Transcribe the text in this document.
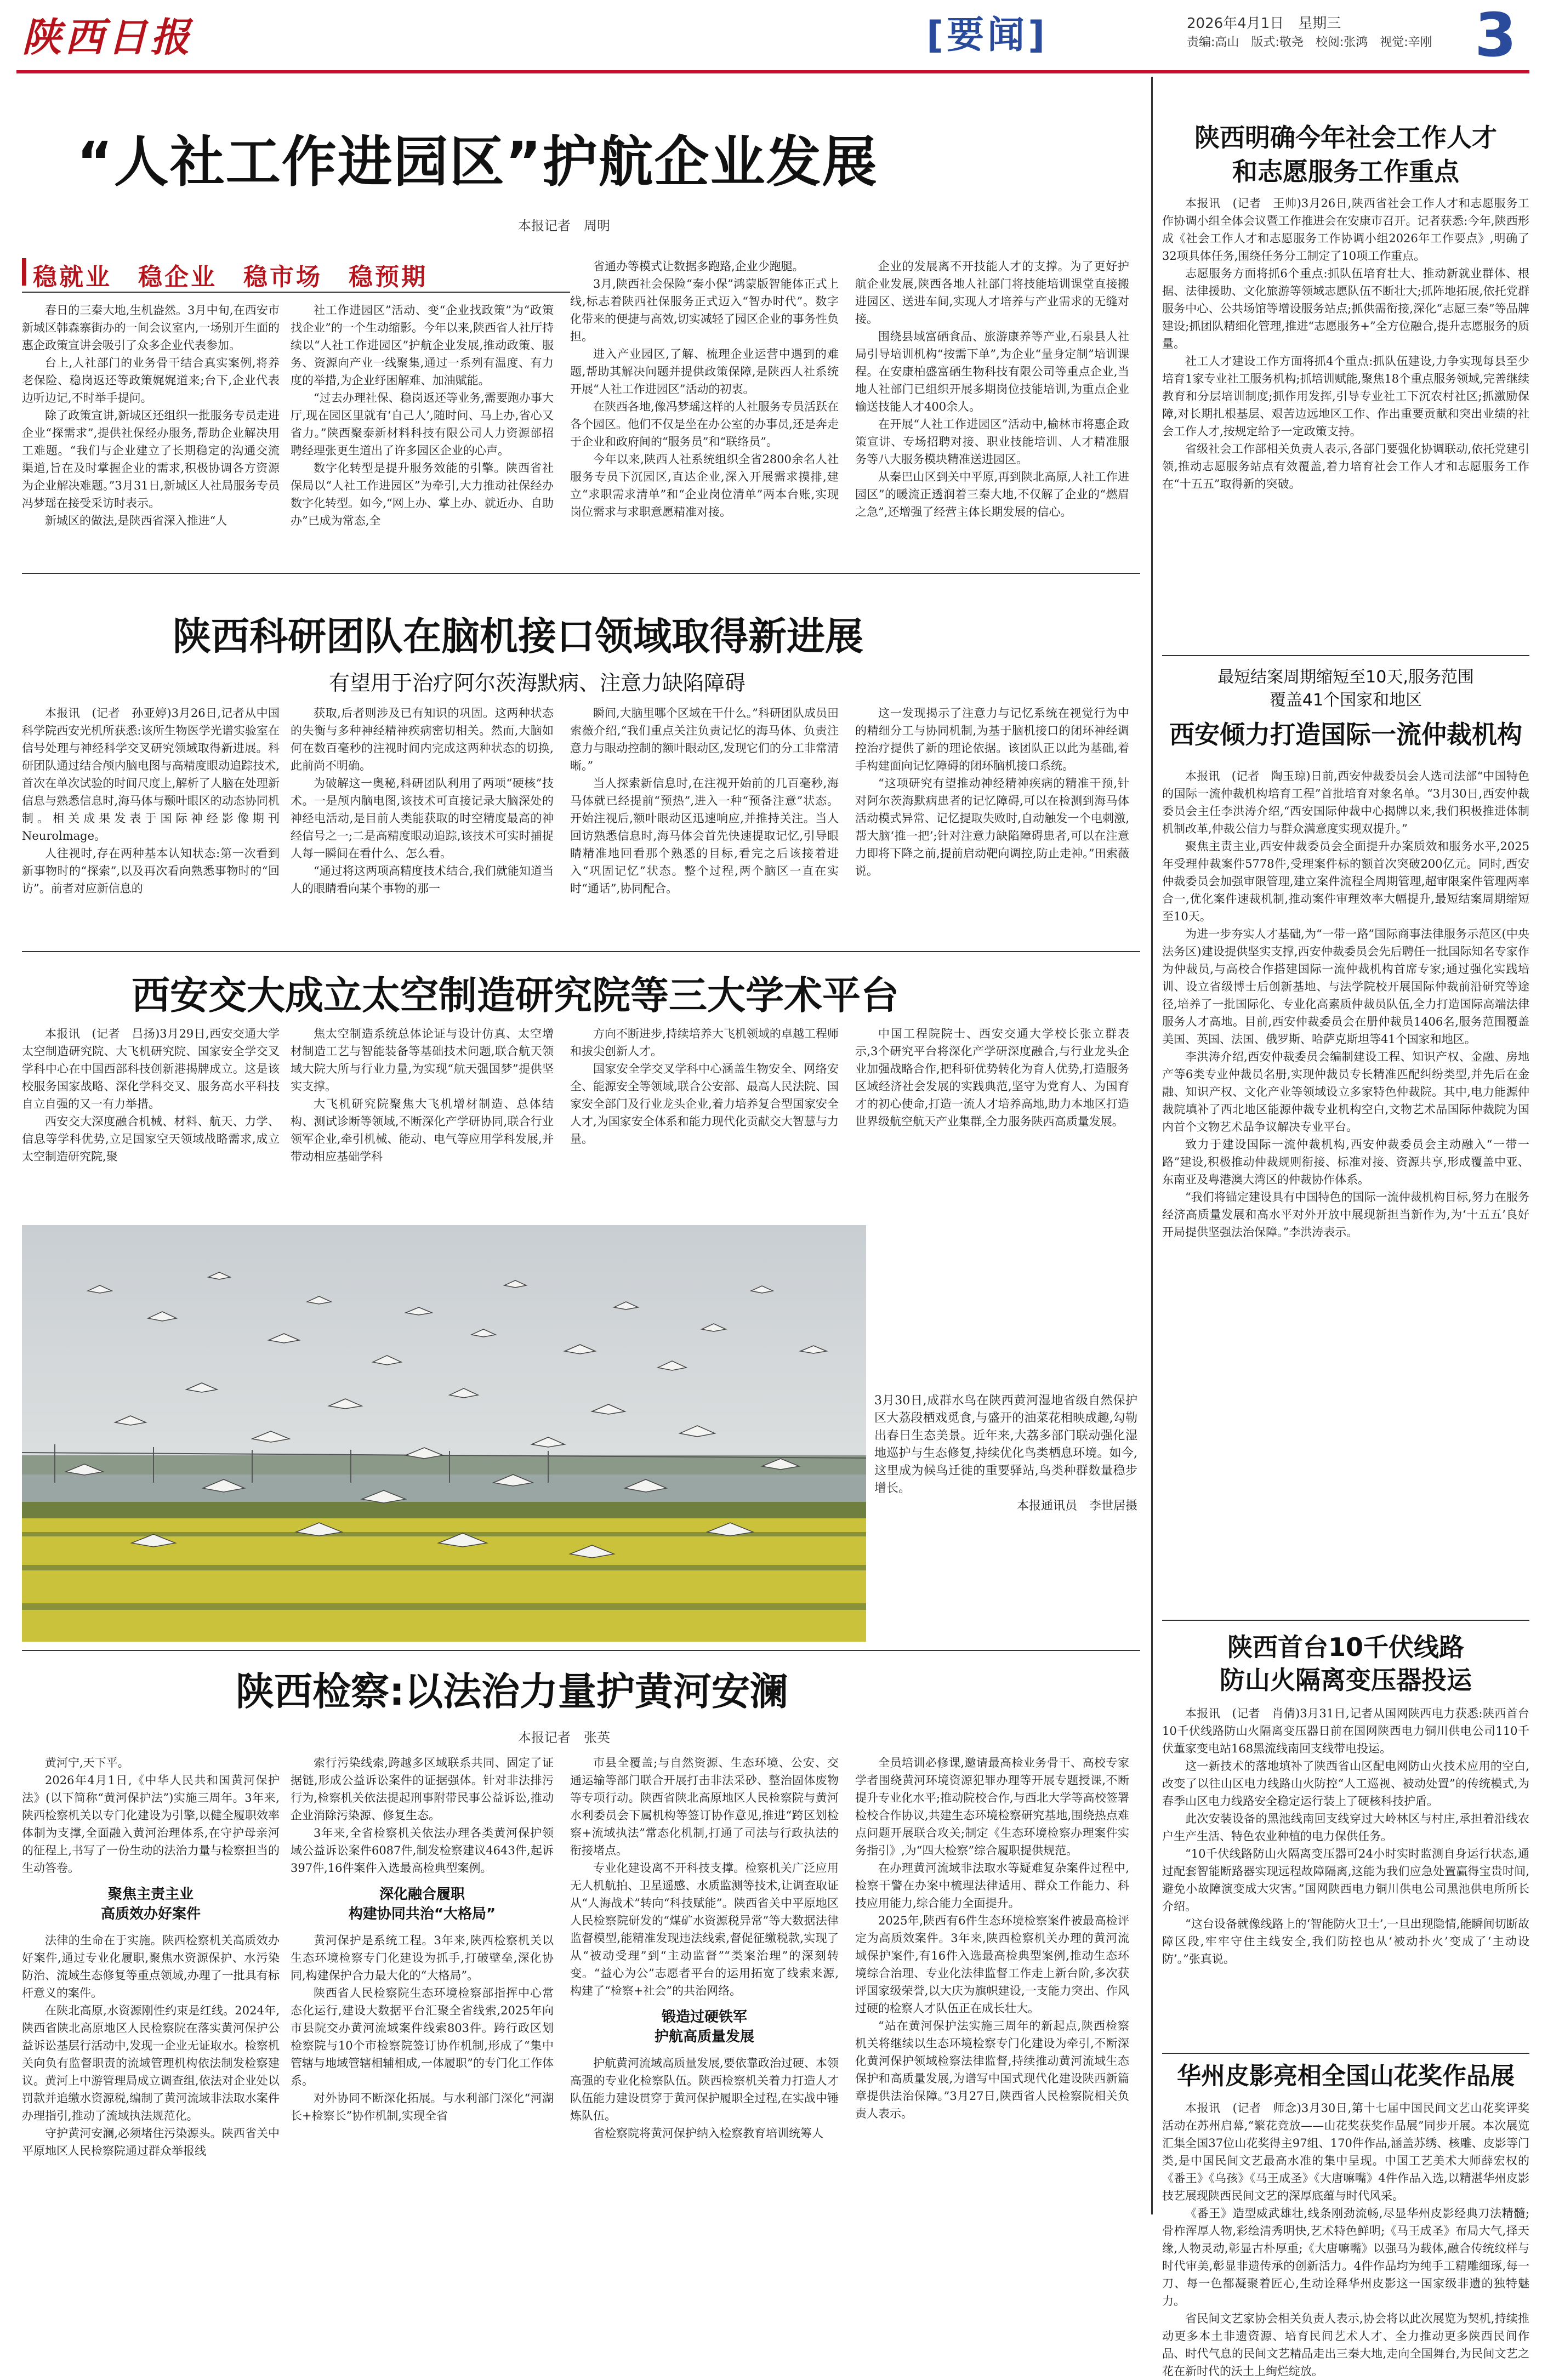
陕西日报	[要闻]	2026年4月1日　星期三
责编:高山　版式:敬尧　校阅:张鸿　视觉:辛刚 3
“人社工作进园区”护航企业发展
本报记者　周明
稳就业　稳企业　稳市场　稳预期

春日的三秦大地,生机盎然。3月中旬,在西安市新城区韩森寨街办的一间会议室内,一场别开生面的惠企政策宣讲会吸引了众多企业代表参加。

台上,人社部门的业务骨干结合真实案例,将养老保险、稳岗返还等政策娓娓道来;台下,企业代表边听边记,不时举手提问。

除了政策宣讲,新城区还组织一批服务专员走进企业“探需求”,提供社保经办服务,帮助企业解决用工难题。“我们与企业建立了长期稳定的沟通交流渠道,旨在及时掌握企业的需求,积极协调各方资源为企业解决难题。”3月31日,新城区人社局服务专员冯梦瑶在接受采访时表示。

新城区的做法,是陕西省深入推进“人

社工作进园区”活动、变“企业找政策”为“政策找企业”的一个生动缩影。今年以来,陕西省人社厅持续以“人社工作进园区”护航企业发展,推动政策、服务、资源向产业一线聚集,通过一系列有温度、有力度的举措,为企业纾困解难、加油赋能。

“过去办理社保、稳岗返还等业务,需要跑办事大厅,现在园区里就有‘自己人’,随时问、马上办,省心又省力。”陕西聚泰新材料科技有限公司人力资源部招聘经理张更生道出了许多园区企业的心声。

数字化转型是提升服务效能的引擎。陕西省社保局以“人社工作进园区”为牵引,大力推动社保经办数字化转型。如今,“网上办、掌上办、就近办、自助办”已成为常态,全

省通办等模式让数据多跑路,企业少跑腿。

3月,陕西社会保险“秦小保”鸿蒙版智能体正式上线,标志着陕西社保服务正式迈入“智办时代”。数字化带来的便捷与高效,切实减轻了园区企业的事务性负担。

进入产业园区,了解、梳理企业运营中遇到的难题,帮助其解决问题并提供政策保障,是陕西人社系统开展“人社工作进园区”活动的初衷。

在陕西各地,像冯梦瑶这样的人社服务专员活跃在各个园区。他们不仅是坐在办公室的办事员,还是奔走于企业和政府间的“服务员”和“联络员”。

今年以来,陕西人社系统组织全省2800余名人社服务专员下沉园区,直达企业,深入开展需求摸排,建立“求职需求清单”和“企业岗位清单”两本台账,实现岗位需求与求职意愿精准对接。

企业的发展离不开技能人才的支撑。为了更好护航企业发展,陕西各地人社部门将技能培训课堂直接搬进园区、送进车间,实现人才培养与产业需求的无缝对接。

围绕县域富硒食品、旅游康养等产业,石泉县人社局引导培训机构“按需下单”,为企业“量身定制”培训课程。在安康柏盛富硒生物科技有限公司等重点企业,当地人社部门已组织开展多期岗位技能培训,为重点企业输送技能人才400余人。

在开展“人社工作进园区”活动中,榆林市将惠企政策宣讲、专场招聘对接、职业技能培训、人才精准服务等八大服务模块精准送进园区。

从秦巴山区到关中平原,再到陕北高原,人社工作进园区”的暖流正透润着三秦大地,不仅解了企业的“燃眉之急”,还增强了经营主体长期发展的信心。

陕西明确今年社会工作人才
和志愿服务工作重点

本报讯　(记者　王帅)3月26日,陕西省社会工作人才和志愿服务工作协调小组全体会议暨工作推进会在安康市召开。记者获悉:今年,陕西形成《社会工作人才和志愿服务工作协调小组2026年工作要点》,明确了32项具体任务,围绕任务分工制定了10项工作重点。

志愿服务方面将抓6个重点:抓队伍培育壮大、推动新就业群体、根据、法律援助、文化旅游等领域志愿队伍不断壮大;抓阵地拓展,依托党群服务中心、公共场馆等增设服务站点;抓供需衔接,深化“志愿三秦”等品牌建设;抓团队精细化管理,推进“志愿服务+”全方位融合,提升志愿服务的质量。

社工人才建设工作方面将抓4个重点:抓队伍建设,力争实现每县至少培育1家专业社工服务机构;抓培训赋能,聚焦18个重点服务领域,完善继续教育和分层培训制度;抓作用发挥,引导专业社工下沉农村社区;抓激励保障,对长期扎根基层、艰苦边远地区工作、作出重要贡献和突出业绩的社会工作人才,按规定给予一定政策支持。

省级社会工作部相关负责人表示,各部门要强化协调联动,依托党建引领,推动志愿服务站点有效覆盖,着力培育社会工作人才和志愿服务工作在“十五五”取得新的突破。

陕西科研团队在脑机接口领域取得新进展
有望用于治疗阿尔茨海默病、注意力缺陷障碍

本报讯　(记者　孙亚婷)3月26日,记者从中国科学院西安光机所获悉:该所生物医学光谱实验室在信号处理与神经科学交叉研究领域取得新进展。科研团队通过结合颅内脑电图与高精度眼动追踪技术,首次在单次试验的时间尺度上,解析了人脑在处理新信息与熟悉信息时,海马体与颞叶眼区的动态协同机制。相关成果发表于国际神经影像期刊Neurolmage。

人往视时,存在两种基本认知状态:第一次看到新事物时的“探索”,以及再次看向熟悉事物时的“回访”。前者对应新信息的

获取,后者则涉及已有知识的巩固。这两种状态的失衡与多种神经精神疾病密切相关。然而,大脑如何在数百毫秒的注视时间内完成这两种状态的切换,此前尚不明确。

为破解这一奥秘,科研团队利用了两项“硬核”技术。一是颅内脑电图,该技术可直接记录大脑深处的神经电活动,是目前人类能获取的时空精度最高的神经信号之一;二是高精度眼动追踪,该技术可实时捕捉人每一瞬间在看什么、怎么看。

“通过将这两项高精度技术结合,我们就能知道当人的眼睛看向某个事物的那一

瞬间,大脑里哪个区域在干什么。”科研团队成员田索薇介绍,“我们重点关注负责记忆的海马体、负责注意力与眼动控制的额叶眼动区,发现它们的分工非常清晰。”

当人探索新信息时,在注视开始前的几百毫秒,海马体就已经提前“预热”,进入一种“预备注意”状态。开始注视后,额叶眼动区迅速响应,并推持关注。当人回访熟悉信息时,海马体会首先快速提取记忆,引导眼睛精准地回看那个熟悉的目标,看完之后该接着进入“巩固记忆”状态。整个过程,两个脑区一直在实时“通话”,协同配合。

这一发现揭示了注意力与记忆系统在视觉行为中的精细分工与协同机制,为基于脑机接口的闭环神经调控治疗提供了新的理论依据。该团队正以此为基础,着手构建面向记忆障碍的闭环脑机接口系统。

“这项研究有望推动神经精神疾病的精准干预,针对阿尔茨海默病患者的记忆障碍,可以在检测到海马体活动模式异常、记忆提取失败时,自动触发一个电刺激,帮大脑‘推一把’;针对注意力缺陷障碍患者,可以在注意力即将下降之前,提前启动靶向调控,防止走神。”田索薇说。

最短结案周期缩短至10天,服务范围
覆盖41个国家和地区
西安倾力打造国际一流仲裁机构

本报讯　(记者　陶玉琼)日前,西安仲裁委员会人选司法部“中国特色的国际一流仲裁机构培育工程”首批培育对象名单。“3月30日,西安仲裁委员会主任李洪涛介绍,“西安国际仲裁中心揭牌以来,我们积极推进体制机制改革,仲裁公信力与群众满意度实现双提升。”

聚焦主责主业,西安仲裁委员会全面提升办案质效和服务水平,2025年受理仲裁案件5778件,受理案件标的额首次突破200亿元。同时,西安仲裁委员会加强审限管理,建立案件流程全周期管理,超审限案件管理两率合一,优化案件速裁机制,推动案件审理效率大幅提升,最短结案周期缩短至10天。

为进一步夯实人才基础,为“一带一路”国际商事法律服务示范区(中央法务区)建设提供坚实支撑,西安仲裁委员会先后聘任一批国际知名专家作为仲裁员,与高校合作搭建国际一流仲裁机构首席专家;通过强化实践培训、设立省级博士后创新基地、与法学院校开展国际仲裁前沿研究等途径,培养了一批国际化、专业化高素质仲裁员队伍,全力打造国际高端法律服务人才高地。目前,西安仲裁委员会在册仲裁员1406名,服务范围覆盖美国、英国、法国、俄罗斯、哈萨克斯坦等41个国家和地区。

李洪涛介绍,西安仲裁委员会编制建设工程、知识产权、金融、房地产等6类专业仲裁员名册,实现仲裁员专长精准匹配纠纷类型,并先后在金融、知识产权、文化产业等领域设立多家特色仲裁院。其中,电力能源仲裁院填补了西北地区能源仲裁专业机构空白,文物艺术品国际仲裁院为国内首个文物艺术品争议解决专业平台。

致力于建设国际一流仲裁机构,西安仲裁委员会主动融入“一带一路”建设,积极推动仲裁规则衔接、标准对接、资源共享,形成覆盖中亚、东南亚及粤港澳大湾区的仲裁协作体系。

“我们将锚定建设具有中国特色的国际一流仲裁机构目标,努力在服务经济高质量发展和高水平对外开放中展现新担当新作为,为‘十五五’良好开局提供坚强法治保障。”李洪涛表示。

西安交大成立太空制造研究院等三大学术平台

本报讯　(记者　吕扬)3月29日,西安交通大学太空制造研究院、大飞机研究院、国家安全学交叉学科中心在中国西部科技创新港揭牌成立。这是该校服务国家战略、深化学科交叉、服务高水平科技自立自强的又一有力举措。

西安交大深度融合机械、材料、航天、力学、信息等学科优势,立足国家空天领域战略需求,成立太空制造研究院,聚

焦太空制造系统总体论证与设计仿真、太空增材制造工艺与智能装备等基础技术问题,联合航天领域大院大所与行业力量,为实现“航天强国梦”提供坚实支撑。

大飞机研究院聚焦大飞机增材制造、总体结构、测试诊断等领域,不断深化产学研协同,联合行业领军企业,牵引机械、能动、电气等应用学科发展,并带动相应基础学科

方向不断进步,持续培养大飞机领域的卓越工程师和拔尖创新人才。

国家安全学交叉学科中心涵盖生物安全、网络安全、能源安全等领域,联合公安部、最高人民法院、国家安全部门及行业龙头企业,着力培养复合型国家安全人才,为国家安全体系和能力现代化贡献交大智慧与力量。

中国工程院院士、西安交通大学校长张立群表示,3个研究平台将深化产学研深度融合,与行业龙头企业加强战略合作,把科研优势转化为育人优势,打造服务区域经济社会发展的实践典范,坚守为党育人、为国育才的初心使命,打造一流人才培养高地,助力本地区打造世界级航空航天产业集群,全力服务陕西高质量发展。

3月30日,成群水鸟在陕西黄河湿地省级自然保护区大荔段栖戏觅食,与盛开的油菜花相映成趣,勾勒出春日生态美景。近年来,大荔多部门联动强化湿地巡护与生态修复,持续优化鸟类栖息环境。如今,这里成为候鸟迁徙的重要驿站,鸟类种群数量稳步增长。
本报通讯员　李世居摄
陕西检察:以法治力量护黄河安澜
本报记者　张英

黄河宁,天下平。

2026年4月1日,《中华人民共和国黄河保护法》(以下简称“黄河保护法”)实施三周年。3年来,陕西检察机关以专门化建设为引擎,以健全履职效率体制为支撑,全面融入黄河治理体系,在守护母亲河的征程上,书写了一份生动的法治力量与检察担当的生动答卷。

聚焦主责主业
高质效办好案件

法律的生命在于实施。陕西检察机关高质效办好案件,通过专业化履职,聚焦水资源保护、水污染防治、流域生态修复等重点领域,办理了一批具有标杆意义的案件。

在陕北高原,水资源刚性约束是红线。2024年,陕西省陕北高原地区人民检察院在落实黄河保护公益诉讼基层行活动中,发现一企业无证取水。检察机关向负有监督职责的流域管理机构依法制发检察建议。黄河上中游管理局成立调查组,依法对企业处以罚款并追缴水资源税,编制了黄河流域非法取水案件办理指引,推动了流域执法规范化。

守护黄河安澜,必须堵住污染源头。陕西省关中平原地区人民检察院通过群众举报线

索行污染线索,跨越多区域联系共同、固定了证据链,形成公益诉讼案件的证据强体。针对非法排污行为,检察机关依法提起刑事附带民事公益诉讼,推动企业消除污染源、修复生态。

3年来,全省检察机关依法办理各类黄河保护领域公益诉讼案件6087件,制发检察建议4643件,起诉397件,16件案件入选最高检典型案例。

深化融合履职
构建协同共治“大格局”

黄河保护是系统工程。3年来,陕西检察机关以生态环境检察专门化建设为抓手,打破壁垒,深化协同,构建保护合力最大化的“大格局”。

陕西省人民检察院生态环境检察部指挥中心常态化运行,建设大数据平台汇聚全省线索,2025年向市县院交办黄河流域案件线索803件。跨行政区划检察院与10个市检察院签订协作机制,形成了“集中管辖与地域管辖相辅相成,一体履职”的专门化工作体系。

对外协同不断深化拓展。与水利部门深化“河湖长+检察长”协作机制,实现全省

市县全覆盖;与自然资源、生态环境、公安、交通运输等部门联合开展打击非法采砂、整治固体废物等专项行动。陕西省陕北高原地区人民检察院与黄河水利委员会下属机构等签订协作意见,推进“跨区划检察+流域执法”常态化机制,打通了司法与行政执法的衔接堵点。

专业化建设离不开科技支撑。检察机关广泛应用无人机航拍、卫星遥感、水质监测等技术,让调查取证从“人海战术”转向“科技赋能”。陕西省关中平原地区人民检察院研发的“煤矿水资源税异常”等大数据法律监督模型,能精准发现违法线索,督促征缴税款,实现了从“被动受理”到“主动监督”“类案治理”的深刻转变。“益心为公”志愿者平台的运用拓宽了线索来源,构建了“检察+社会”的共治网络。

锻造过硬铁军
护航高质量发展

护航黄河流域高质量发展,要依靠政治过硬、本领高强的专业化检察队伍。陕西检察机关着力打造人才队伍能力建设贯穿于黄河保护履职全过程,在实战中锤炼队伍。

省检察院将黄河保护纳入检察教育培训统筹人

全员培训必修课,邀请最高检业务骨干、高校专家学者围绕黄河环境资源犯罪办理等开展专题授课,不断提升专业化水平;推动院校合作,与西北大学等高校签署检校合作协议,共建生态环境检察研究基地,围绕热点难点问题开展联合攻关;制定《生态环境检察办理案件实务指引》,为“四大检察”综合履职提供规范。

在办理黄河流域非法取水等疑难复杂案件过程中,检察干警在办案中梳理法律适用、群众工作能力、科技应用能力,综合能力全面提升。

2025年,陕西有6件生态环境检察案件被最高检评定为高质效案件。3年来,陕西检察机关办理的黄河流域保护案件,有16件入选最高检典型案例,推动生态环境综合治理、专业化法律监督工作走上新台阶,多次获评国家级荣誉,以大庆为旗帜建设,一支能力突出、作风过硬的检察人才队伍正在成长壮大。

“站在黄河保护法实施三周年的新起点,陕西检察机关将继续以生态环境检察专门化建设为牵引,不断深化黄河保护领域检察法律监督,持续推动黄河流域生态保护和高质量发展,为谱写中国式现代化建设陕西新篇章提供法治保障。”3月27日,陕西省人民检察院相关负责人表示。

陕西首台10千伏线路
防山火隔离变压器投运

本报讯　(记者　肖倩)3月31日,记者从国网陕西电力获悉:陕西首台10千伏线路防山火隔离变压器日前在国网陕西电力铜川供电公司110千伏董家变电站168黑流线南回支线带电投运。

这一新技术的落地填补了陕西省山区配电网防山火技术应用的空白,改变了以往山区电力线路山火防控“人工巡视、被动处置”的传统模式,为春季山区电力线路安全稳定运行装上了硬核科技护盾。

此次安装设备的黑池线南回支线穿过大岭林区与村庄,承担着沿线农户生产生活、特色农业种植的电力保供任务。

“10千伏线路防山火隔离变压器可24小时实时监测自身运行状态,通过配套智能断路器实现远程故障隔离,这能为我们应急处置赢得宝贵时间,避免小故障演变成大灾害。”国网陕西电力铜川供电公司黑池供电所所长介绍。

“这台设备就像线路上的‘智能防火卫士’,一旦出现隐情,能瞬间切断故障区段,牢牢守住主线安全,我们防控也从‘被动扑火’变成了‘主动设防’。”张真说。

华州皮影亮相全国山花奖作品展

本报讯　(记者　师念)3月30日,第十七届中国民间文艺山花奖评奖活动在苏州启幕,“繁花竞放——山花奖获奖作品展”同步开展。本次展览汇集全国37位山花奖得主97组、170件作品,涵盖苏绣、核雕、皮影等门类,是中国民间文艺最高水准的集中呈现。中国工艺美术大师薛宏权的《番王》《乌孩》《马王成圣》《大唐嘛嘴》4件作品入选,以精湛华州皮影技艺展现陕西民间文艺的深厚底蕴与时代风采。

《番王》造型威武雄壮,线条刚劲流畅,尽显华州皮影经典刀法精髓;骨柞浑厚人物,彩绘清秀明快,艺术特色鲜明;《马王成圣》布局大气,择天缘,人物灵动,彰显古朴厚重;《大唐嘛嘴》以强马为载体,融合传统纹样与时代审美,彰显非遗传承的创新活力。4件作品均为纯手工精雕细琢,每一刀、每一色都凝聚着匠心,生动诠释华州皮影这一国家级非遗的独特魅力。

省民间文艺家协会相关负责人表示,协会将以此次展览为契机,持续推动更多本土非遗资源、培育民间艺术人才、全力推动更多陕西民间作品、时代气息的民间文艺精品走出三秦大地,走向全国舞台,为民间文艺之花在新时代的沃土上绚烂绽放。
